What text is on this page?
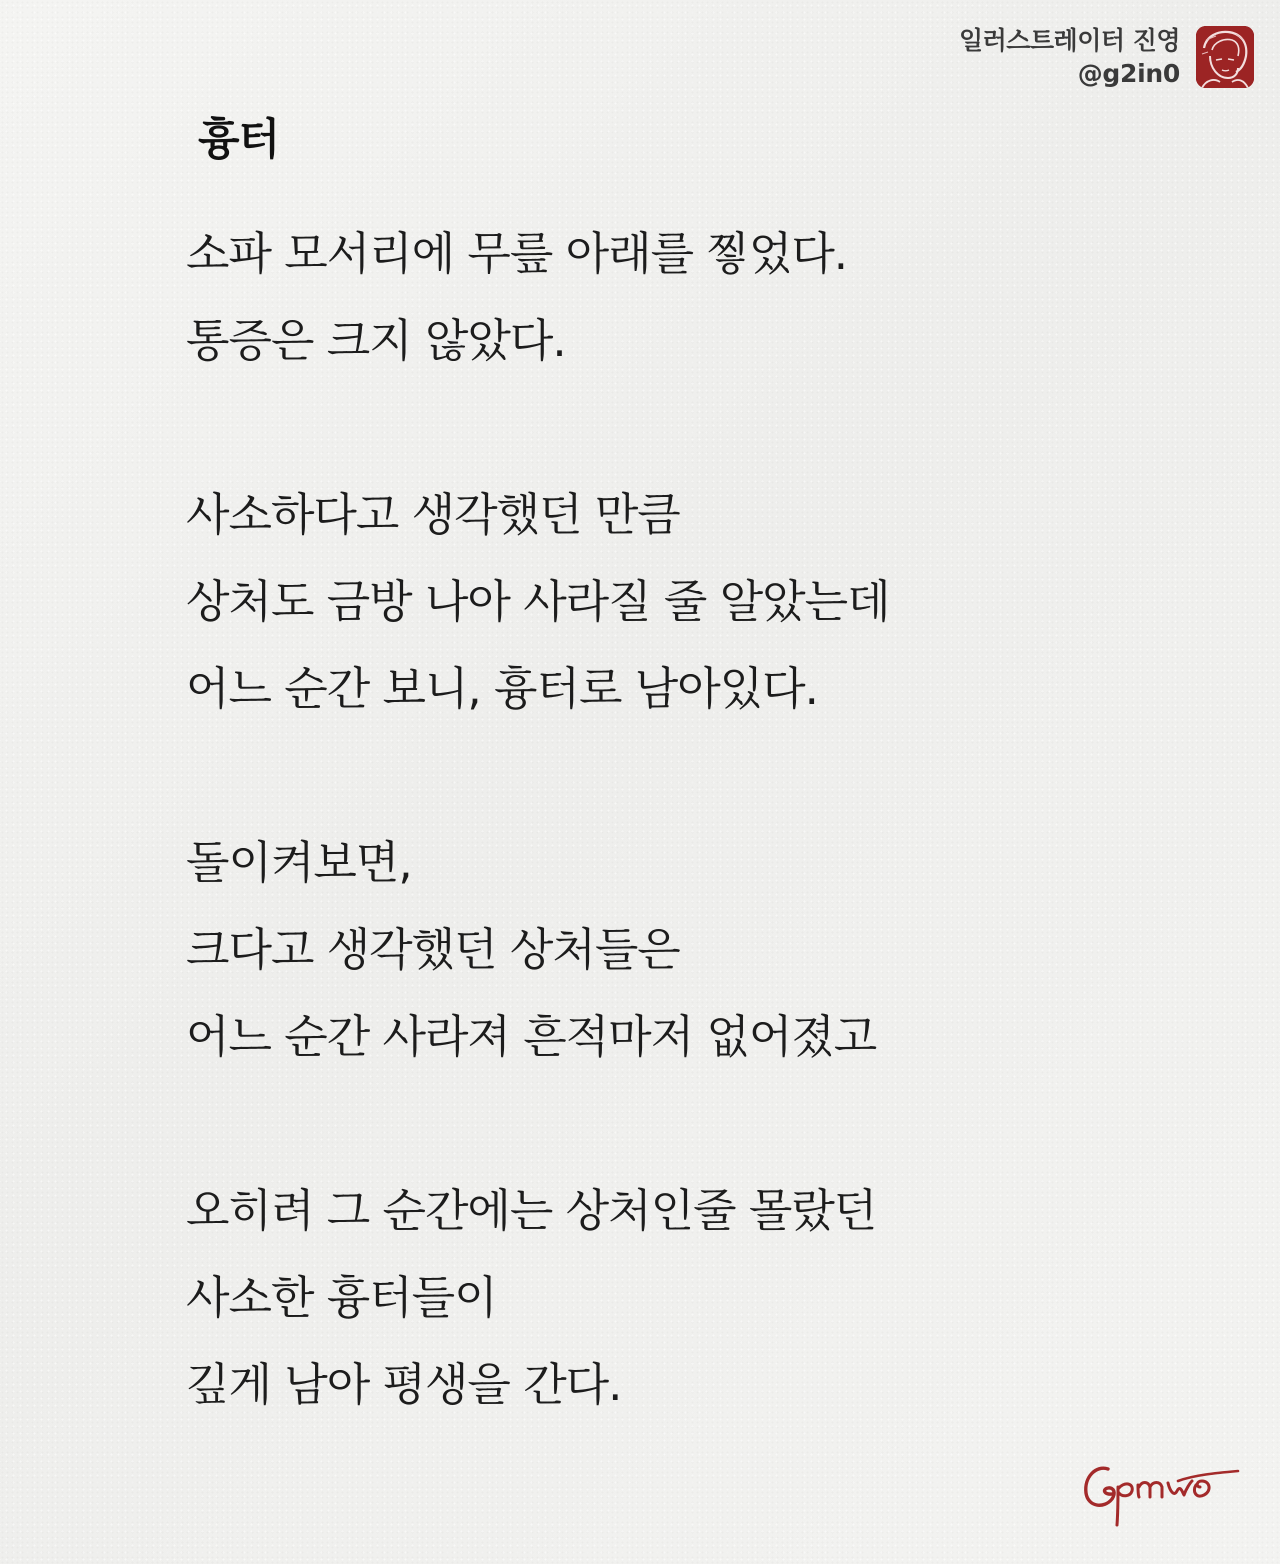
일러스트레이터 진영
@g2in0
흉터
소파 모서리에 무릎 아래를 찧었다.
통증은 크지 않았다.
사소하다고 생각했던 만큼
상처도 금방 나아 사라질 줄 알았는데
어느 순간 보니, 흉터로 남아있다.
돌이켜보면,
크다고 생각했던 상처들은
어느 순간 사라져 흔적마저 없어졌고
오히려 그 순간에는 상처인줄 몰랐던
사소한 흉터들이
깊게 남아 평생을 간다.
